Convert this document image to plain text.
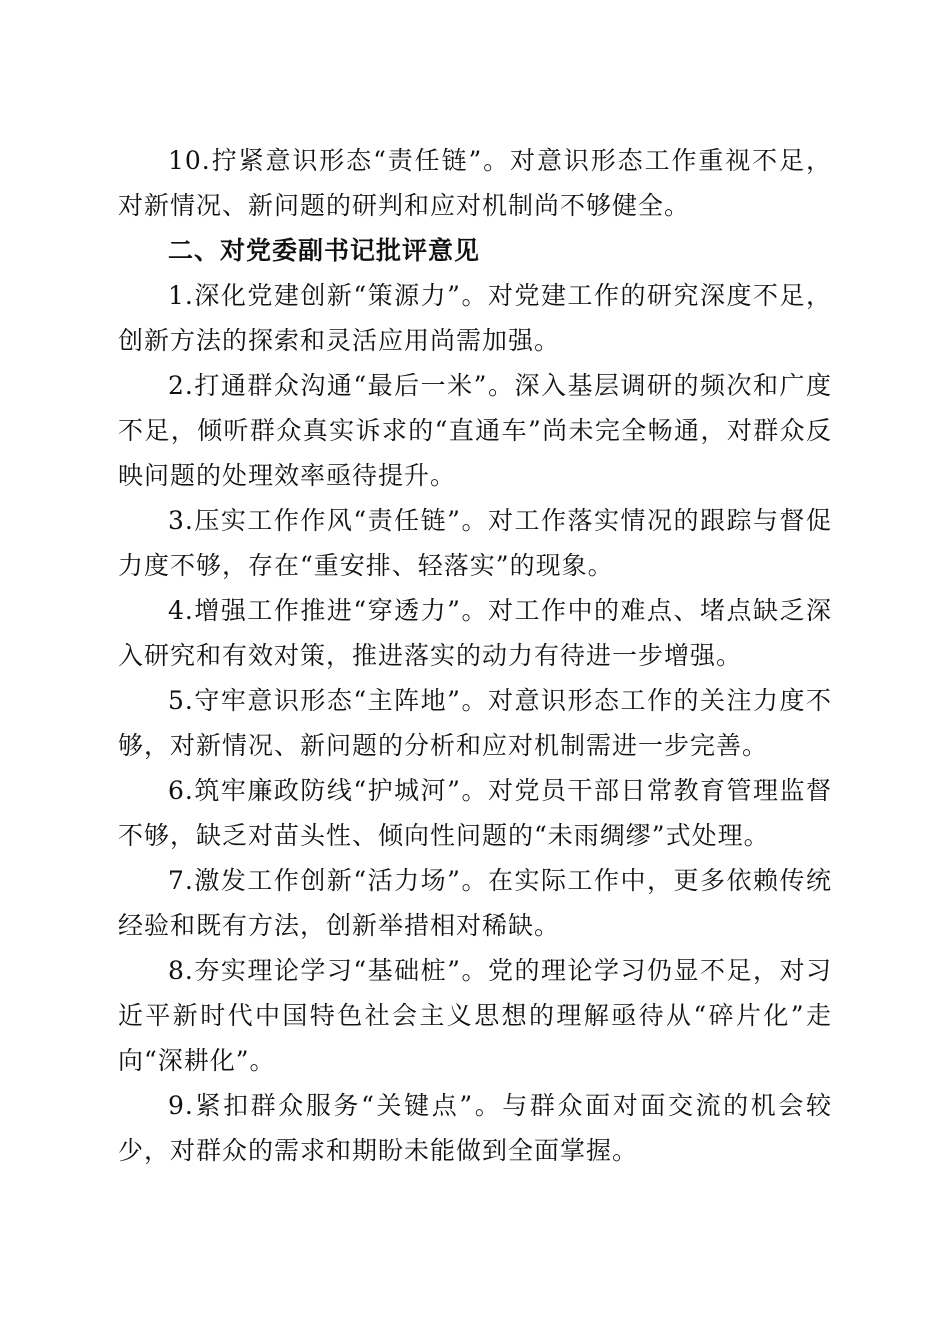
10.拧紧意识形态“责任链”。对意识形态工作重视不足，对新情况、新问题的研判和应对机制尚不够健全。

二、对党委副书记批评意见

1.深化党建创新“策源力”。对党建工作的研究深度不足，创新方法的探索和灵活应用尚需加强。

2.打通群众沟通“最后一米”。深入基层调研的频次和广度不足，倾听群众真实诉求的“直通车”尚未完全畅通，对群众反映问题的处理效率亟待提升。

3.压实工作作风“责任链”。对工作落实情况的跟踪与督促力度不够，存在“重安排、轻落实”的现象。

4.增强工作推进“穿透力”。对工作中的难点、堵点缺乏深入研究和有效对策，推进落实的动力有待进一步增强。

5.守牢意识形态“主阵地”。对意识形态工作的关注力度不够，对新情况、新问题的分析和应对机制需进一步完善。

6.筑牢廉政防线“护城河”。对党员干部日常教育管理监督不够，缺乏对苗头性、倾向性问题的“未雨绸缪”式处理。

7.激发工作创新“活力场”。在实际工作中，更多依赖传统经验和既有方法，创新举措相对稀缺。

8.夯实理论学习“基础桩”。党的理论学习仍显不足，对习近平新时代中国特色社会主义思想的理解亟待从“碎片化”走向“深耕化”。

9.紧扣群众服务“关键点”。与群众面对面交流的机会较少，对群众的需求和期盼未能做到全面掌握。
